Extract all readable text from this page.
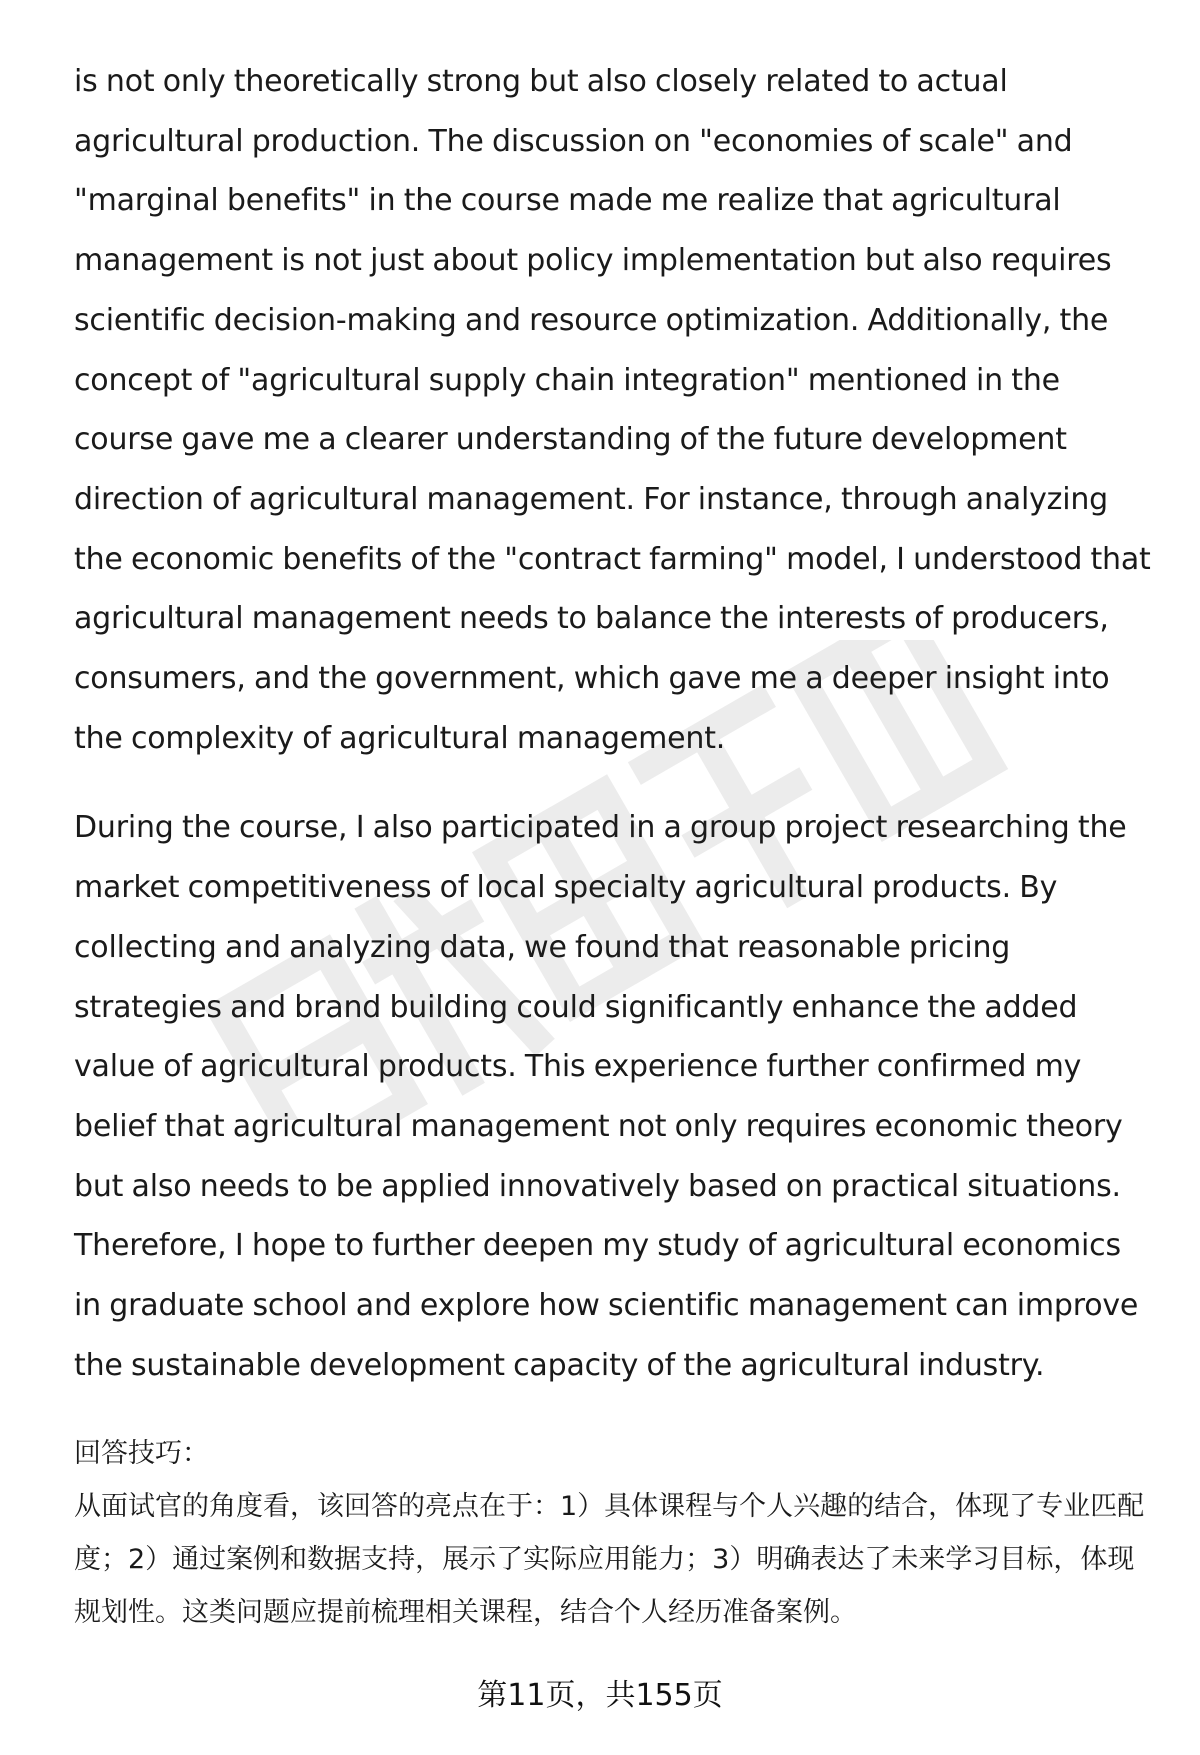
is not only theoretically strong but also closely related to actual agricultural production. The discussion on "economies of scale" and "marginal benefits" in the course made me realize that agricultural management is not just about policy implementation but also requires scientific decision-making and resource optimization. Additionally, the concept of "agricultural supply chain integration" mentioned in the course gave me a clearer understanding of the future development direction of agricultural management. For instance, through analyzing the economic benefits of the "contract farming" model, I understood that agricultural management needs to balance the interests of producers, consumers, and the government, which gave me a deeper insight into the complexity of agricultural management.

During the course, I also participated in a group project researching the market competitiveness of local specialty agricultural products. By collecting and analyzing data, we found that reasonable pricing strategies and brand building could significantly enhance the added value of agricultural products. This experience further confirmed my belief that agricultural management not only requires economic theory but also needs to be applied innovatively based on practical situations. Therefore, I hope to further deepen my study of agricultural economics in graduate school and explore how scientific management can improve the sustainable development capacity of the agricultural industry.

回答技巧：

从面试官的角度看，该回答的亮点在于：1）具体课程与个人兴趣的结合，体现了专业匹配度；2）通过案例和数据支持，展示了实际应用能力；3）明确表达了未来学习目标，体现规划性。这类问题应提前梳理相关课程，结合个人经历准备案例。

第11页，共155页
